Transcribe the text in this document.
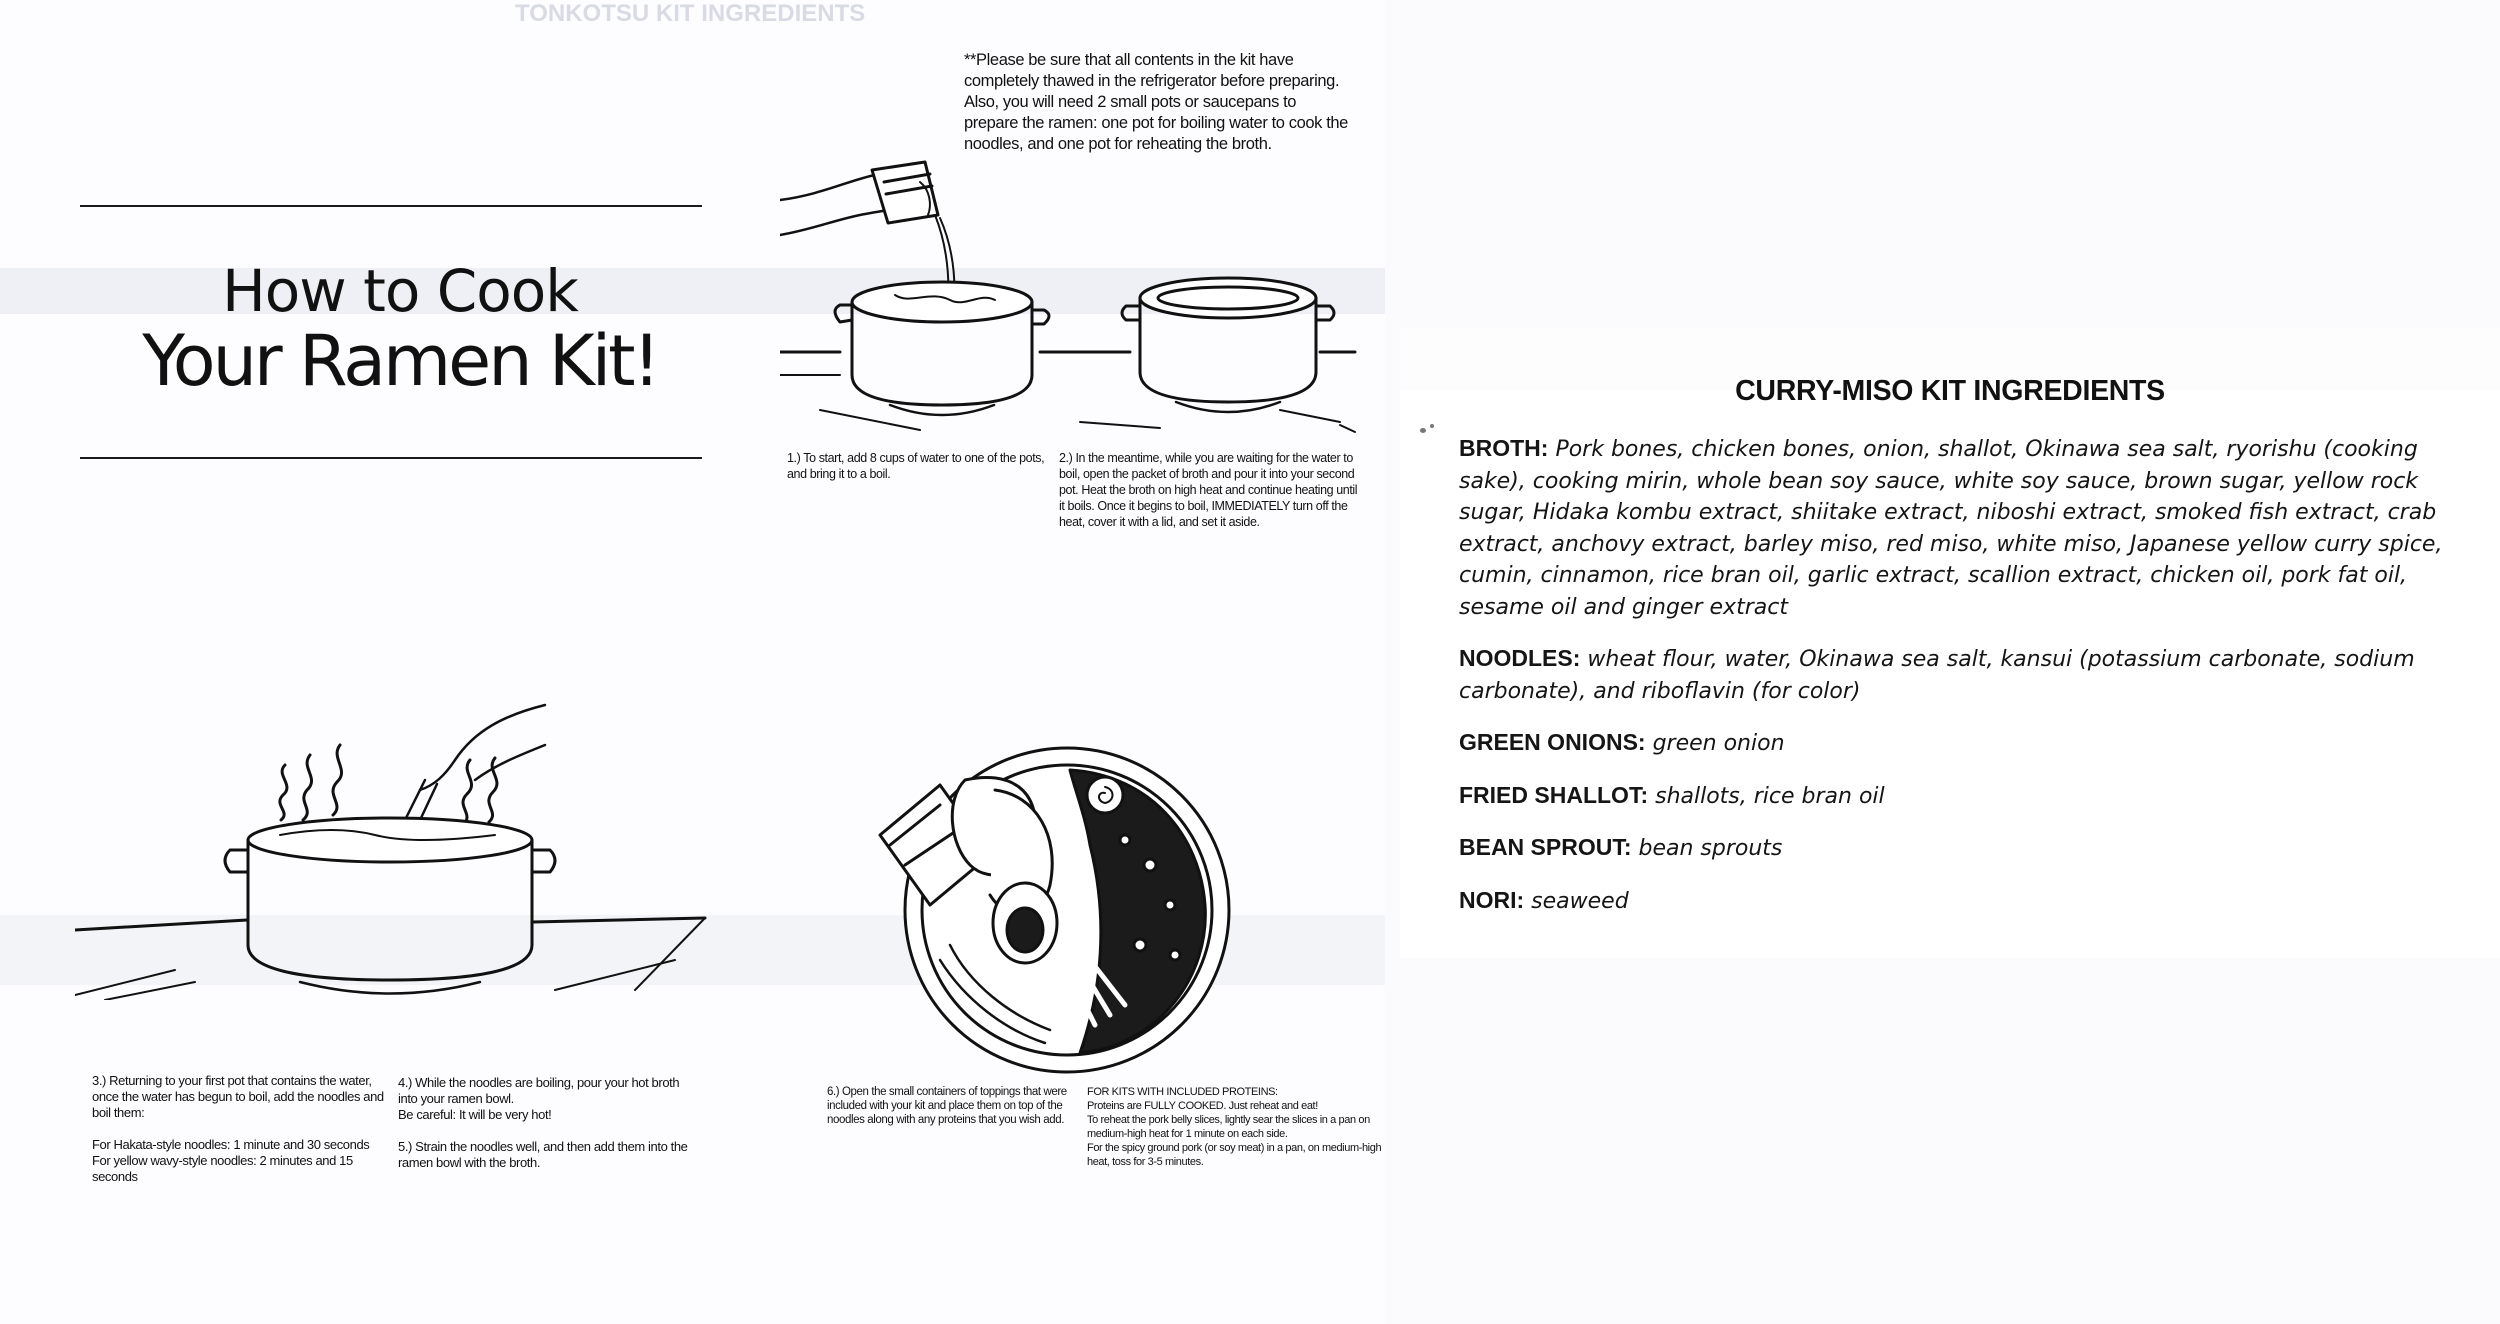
TONKOTSU KIT INGREDIENTS
How to Cook
Your Ramen Kit!
**Please be sure that all contents in the kit have completely thawed in the refrigerator before preparing. Also, you will need 2 small pots or saucepans to prepare the ramen: one pot for boiling water to cook the noodles, and one pot for reheating the broth.
1.) To start, add 8 cups of water to one of the pots, and bring it to a boil.
2.) In the meantime, while you are waiting for the water to boil, open the packet of broth and pour it into your second pot. Heat the broth on high heat and continue heating until it boils. Once it begins to boil, IMMEDIATELY turn off the heat, cover it with a lid, and set it aside.
3.) Returning to your first pot that contains the water, once the water has begun to boil, add the noodles and boil them:

For Hakata-style noodles: 1 minute and 30 seconds
For yellow wavy-style noodles: 2 minutes and 15 seconds
4.) While the noodles are boiling, pour your hot broth into your ramen bowl.
Be careful: It will be very hot!

5.) Strain the noodles well, and then add them into the ramen bowl with the broth.
6.) Open the small containers of toppings that were included with your kit and place them on top of the noodles along with any proteins that you wish add.
FOR KITS WITH INCLUDED PROTEINS:
Proteins are FULLY COOKED. Just reheat and eat!
To reheat the pork belly slices, lightly sear the slices in a pan on medium-high heat for 1 minute on each side.
For the spicy ground pork (or soy meat) in a pan, on medium-high heat, toss for 3-5 minutes.
CURRY-MISO KIT INGREDIENTS
BROTH: Pork bones, chicken bones, onion, shallot, Okinawa sea salt, ryorishu (cooking sake), cooking mirin, whole bean soy sauce, white soy sauce, brown sugar, yellow rock sugar, Hidaka kombu extract, shiitake extract, niboshi extract, smoked fish extract, crab extract, anchovy extract, barley miso, red miso, white miso, Japanese yellow curry spice, cumin, cinnamon, rice bran oil, garlic extract, scallion extract, chicken oil, pork fat oil, sesame oil and ginger extract
NOODLES: wheat flour, water, Okinawa sea salt, kansui (potassium carbonate, sodium carbonate), and riboflavin (for color)
GREEN ONIONS: green onion
FRIED SHALLOT: shallots, rice bran oil
BEAN SPROUT: bean sprouts
NORI: seaweed
